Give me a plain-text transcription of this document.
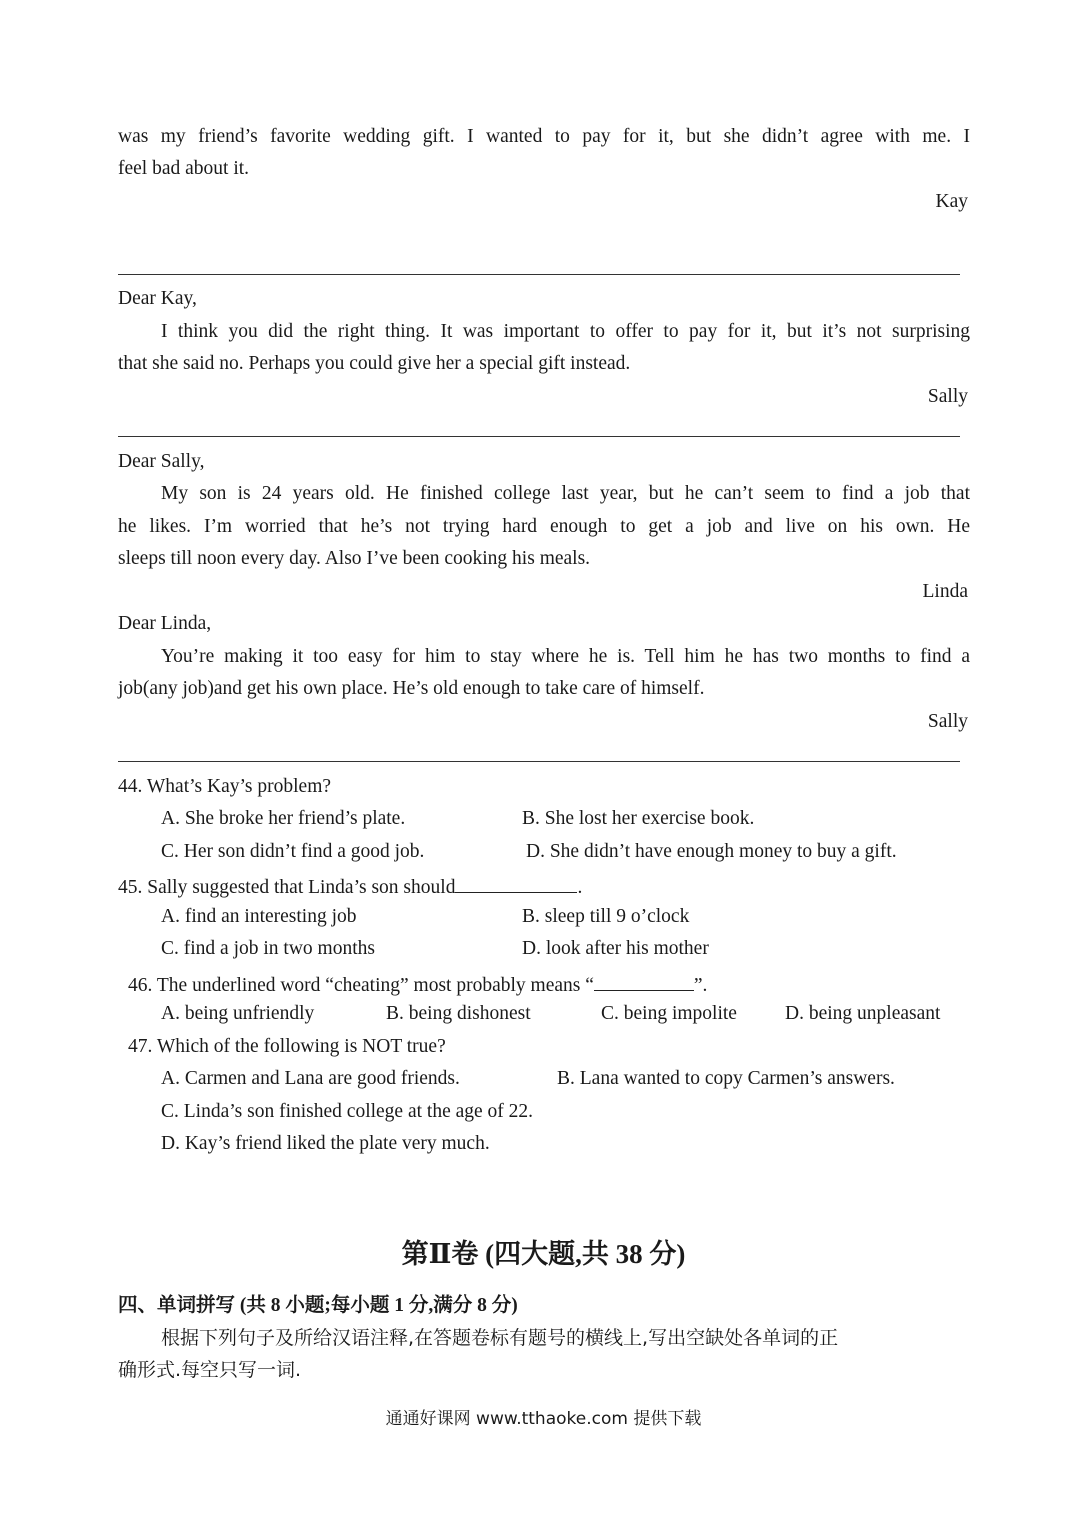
was my friend’s favorite wedding gift. I wanted to pay for it, but she didn’t agree with me. I
feel bad about it.
Kay
Dear Kay,
I think you did the right thing. It was important to offer to pay for it, but it’s not surprising
that she said no. Perhaps you could give her a special gift instead.
Sally
Dear Sally,
My son is 24 years old. He finished college last year, but he can’t seem to find a job that
he likes. I’m worried that he’s not trying hard enough to get a job and live on his own. He
sleeps till noon every day. Also I’ve been cooking his meals.
Linda
Dear Linda,
You’re making it too easy for him to stay where he is. Tell him he has two months to find a
job(any job)and get his own place. He’s old enough to take care of himself.
Sally
44. What’s Kay’s problem?
A. She broke her friend’s plate.	B. She lost her exercise book.
C. Her son didn’t find a good job.	D. She didn’t have enough money to buy a gift.
45. Sally suggested that Linda’s son should	.
A. find an interesting job	B. sleep till 9 o’clock
C. find a job in two months	D. look after his mother
46. The underlined word “cheating” most probably means “	”.
A. being unfriendly	B. being dishonest	C. being impolite D. being unpleasant
47. Which of the following is NOT true?
A. Carmen and Lana are good friends.	B. Lana wanted to copy Carmen’s answers.
C. Linda’s son finished college at the age of 22.
D. Kay’s friend liked the plate very much.
第Ⅱ卷 (四大题,共 38 分)
四、单词拼写 (共 8 小题;每小题 1 分,满分 8 分)
根据下列句子及所给汉语注释,在答题卷标有题号的横线上,写出空缺处各单词的正
确形式.每空只写一词.
通通好课网 www.tthaoke.com 提供下载
